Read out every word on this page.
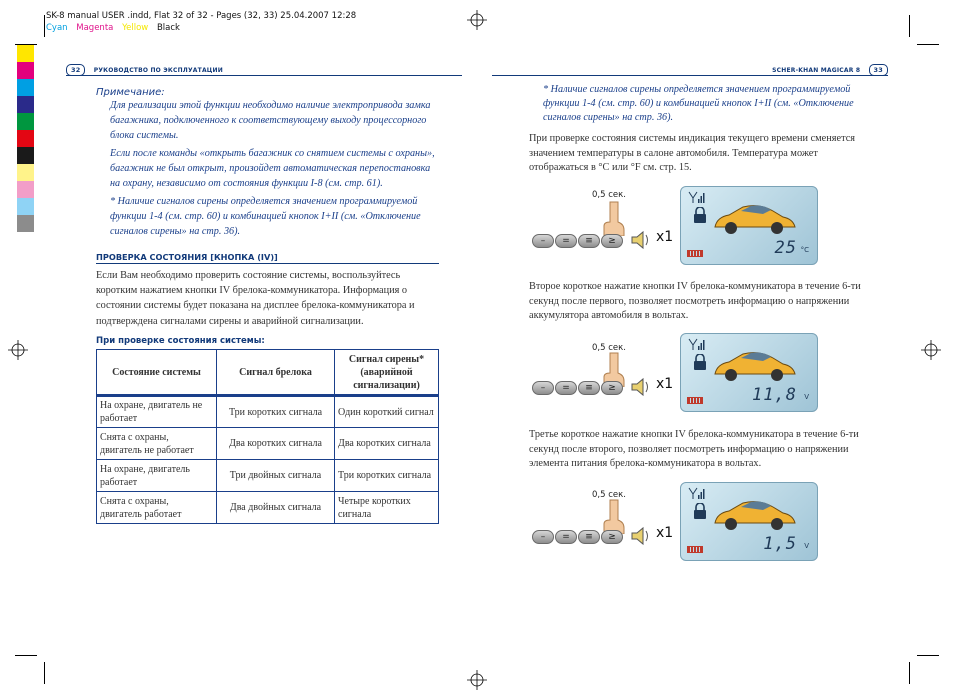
SK-8 manual USER .indd, Flat 32 of 32 - Pages (32, 33) 25.04.2007 12:28
Cyan Magenta Yellow Black
32 РУКОВОДСТВО ПО ЭКСПЛУАТАЦИИ	SCHER-KHAN MAGICAR 8 33
Примечание:
Для реализации этой функции необходимо наличие электропривода замка багажника, подключенного к соответствующему выходу процессорного блока системы.
Если после команды «открыть багажник со снятием системы с охраны», багажник не был открыт, произойдет автоматическая перепостановка на охрану, независимо от состояния функции I-8 (см. стр. 61).
* Наличие сигналов сирены определяется значением программируемой функции 1-4 (см. стр. 60) и комбинацией кнопок I+II (см. «Отключение сигналов сирены» на стр. 36).
ПРОВЕРКА СОСТОЯНИЯ [КНОПКА (IV)]
Если Вам необходимо проверить состояние системы, воспользуйтесь коротким нажатием кнопки IV брелока-коммуникатора. Информация о состоянии системы будет показана на дисплее брелока-коммуникатора и подтверждена сигналами сирены и аварийной сигнализации.
При проверке состояния системы:
Состояние системы	Сигнал брелока	Сигнал сирены* (аварийной сигнализации)
На охране, двигатель не работает	Три коротких сигнала	Один короткий сигнал
Снята с охраны, двигатель не работает	Два коротких сигнала	Два коротких сигнала
На охране, двигатель работает	Три двойных сигнала	Три коротких сигнала
Снята с охраны, двигатель работает	Два двойных сигнала	Четыре коротких сигнала
* Наличие сигналов сирены определяется значением программируемой функции 1-4 (см. стр. 60) и комбинацией кнопок I+II (см. «Отключение сигналов сирены» на стр. 36).
При проверке состояния системы индикация текущего времени сменяется значением температуры в салоне автомобиля. Температура может отображаться в °С или °F см. стр. 15.
Второе короткое нажатие кнопки IV брелока-коммуникатора в течение 6-ти секунд после первого, позволяет посмотреть информацию о напряжении аккумулятора автомобиля в вольтах.
Третье короткое нажатие кнопки IV брелока-коммуникатора в течение 6-ти секунд после второго, позволяет посмотреть информацию о напряжении элемента питания брелока-коммуникатора в вольтах.
0,5 сек.
–	=	≡	≥	x1
25 °C
0,5 сек.
–	=	≡	≥	x1
11,8 V
0,5 сек.
–	=	≡	≥	x1
1,5 V
